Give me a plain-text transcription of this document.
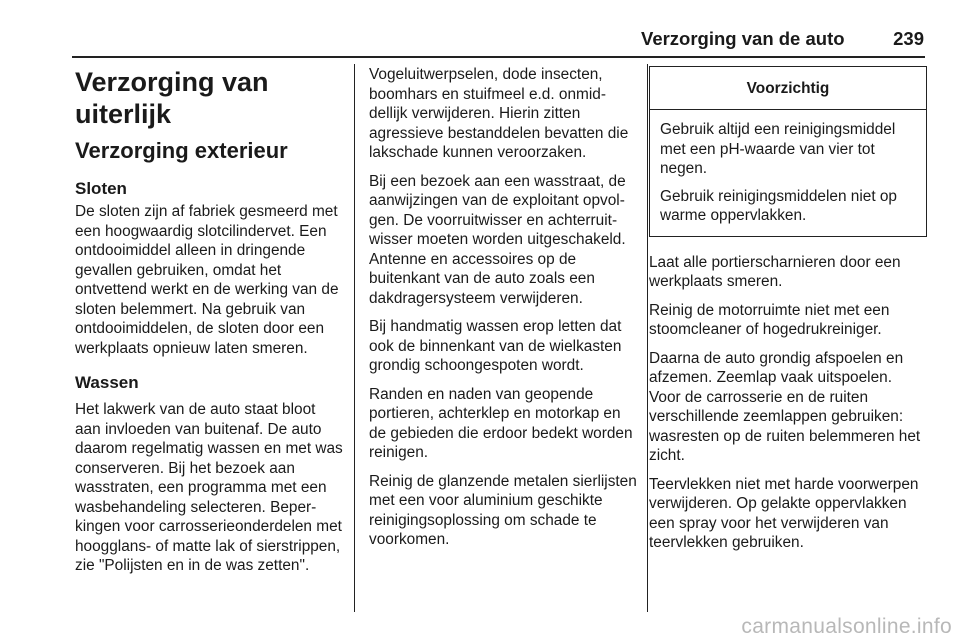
Verzorging van de auto	239
Verzorging van uiterlijk
Verzorging exterieur
Sloten

De sloten zijn af fabriek gesmeerd met een hoogwaardig slotcilindervet. Een ontdooimiddel alleen in dringende gevallen gebruiken, omdat het ontvettend werkt en de werking van de sloten belemmert. Na gebruik van ontdooimiddelen, de sloten door een werkplaats opnieuw laten smeren.

Wassen

Het lakwerk van de auto staat bloot aan invloeden van buitenaf. De auto daarom regelmatig wassen en met was conserveren. Bij het bezoek aan wasstraten, een programma met een wasbehandeling selecteren. Beperkingen voor carrosserieonderdelen met hoogglans- of matte lak of sierstrippen, zie "Polijsten en in de was zetten".

Vogeluitwerpselen, dode insecten, boomhars en stuifmeel e.d. onmiddellijk verwijderen. Hierin zitten agressieve bestanddelen bevatten die lakschade kunnen veroorzaken.

Bij een bezoek aan een wasstraat, de aanwijzingen van de exploitant opvolgen. De voorruitwisser en achterruitwisser moeten worden uitgeschakeld. Antenne en accessoires op de buitenkant van de auto zoals een dakdragersysteem verwijderen.

Bij handmatig wassen erop letten dat ook de binnenkant van de wielkasten grondig schoongespoten wordt.

Randen en naden van geopende portieren, achterklep en motorkap en de gebieden die erdoor bedekt worden reinigen.

Reinig de glanzende metalen sierlijsten met een voor aluminium geschikte reinigingsoplossing om schade te voorkomen.

Voorzichtig

Gebruik altijd een reinigingsmiddel met een pH-waarde van vier tot negen.

Gebruik reinigingsmiddelen niet op warme oppervlakken.

Laat alle portierscharnieren door een werkplaats smeren.

Reinig de motorruimte niet met een stoomcleaner of hogedrukreiniger.

Daarna de auto grondig afspoelen en afzemen. Zeemlap vaak uitspoelen. Voor de carrosserie en de ruiten verschillende zeemlappen gebruiken: wasresten op de ruiten belemmeren het zicht.

Teervlekken niet met harde voorwerpen verwijderen. Op gelakte oppervlakken een spray voor het verwijderen van teervlekken gebruiken.

carmanualsonline.info
